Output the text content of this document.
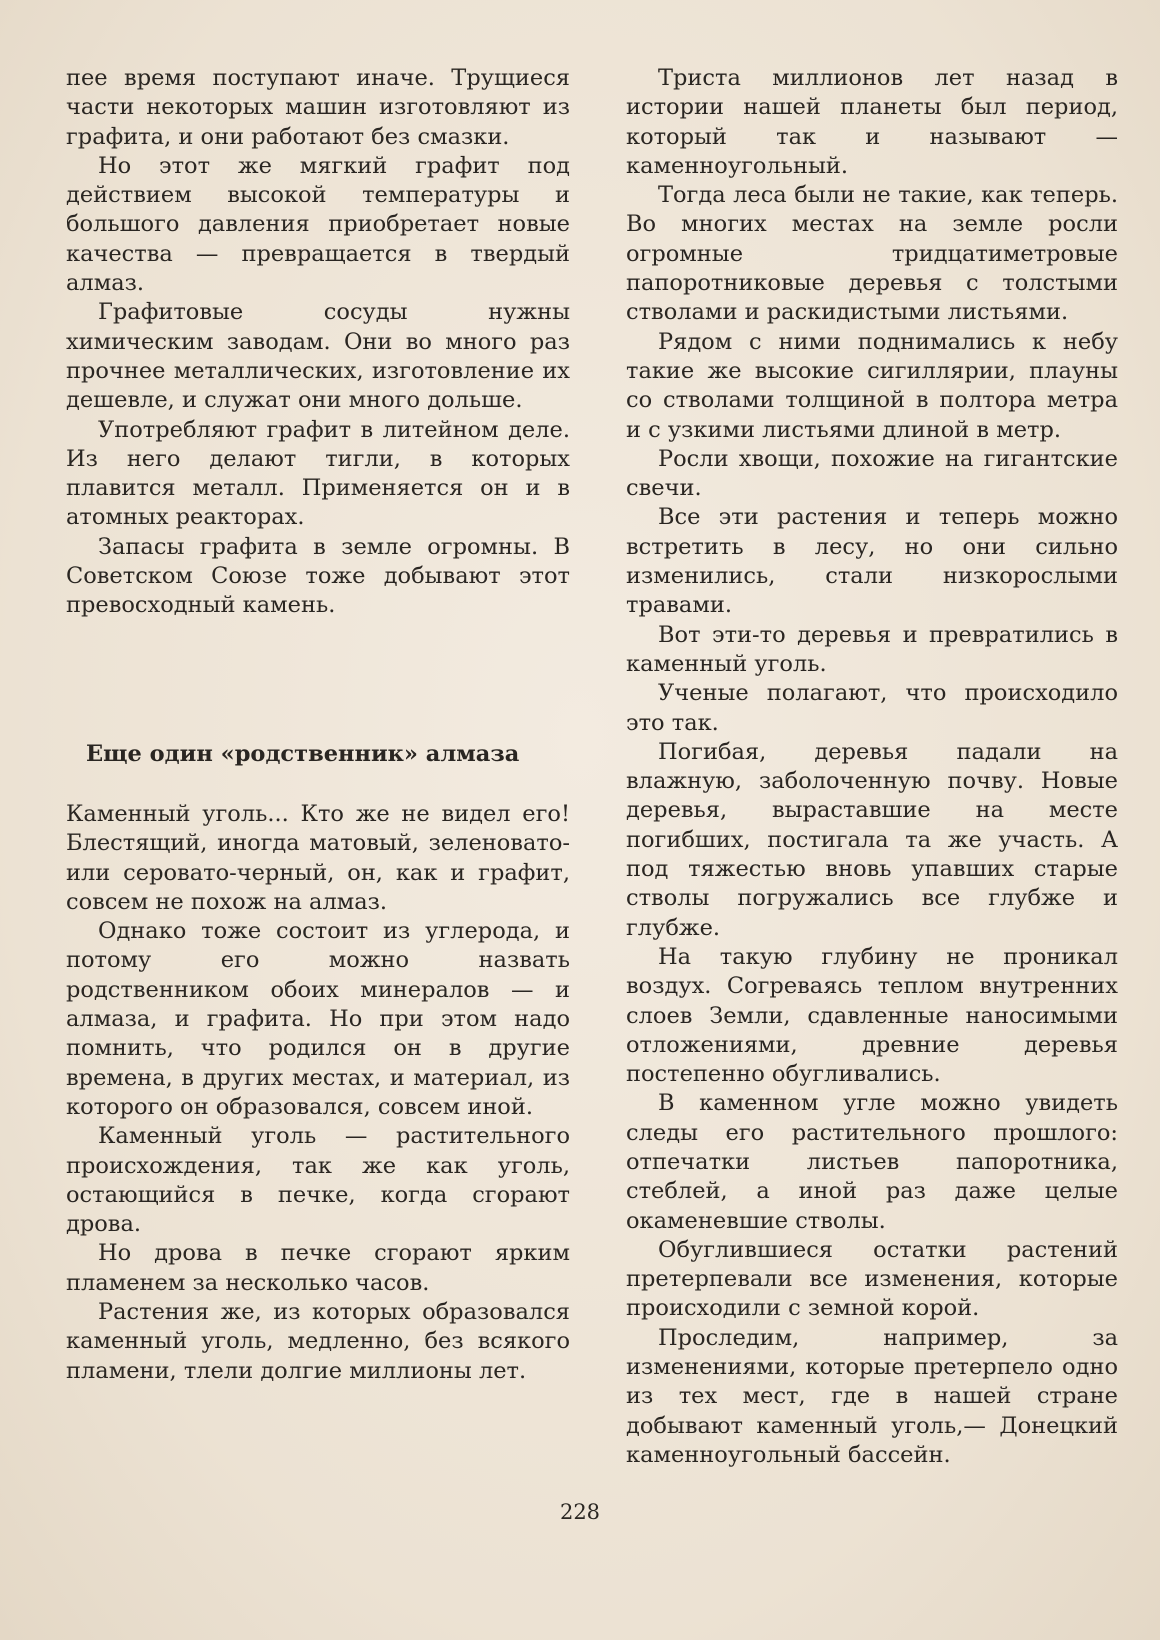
пее время поступают иначе. Трущиеся части некоторых машин изготовляют из графита, и они работают без смазки.

Но этот же мягкий графит под действием высокой температуры и большого давления приобретает новые качества — превращается в твердый алмаз.

Графитовые сосуды нужны химическим заводам. Они во много раз прочнее металлических, изготовление их дешевле, и служат они много дольше.

Употребляют графит в литейном деле. Из него делают тигли, в которых плавится металл. Применяется он и в атомных реакторах.

Запасы графита в земле огромны. В Советском Союзе тоже добывают этот превосходный камень.

Еще один «родственник» алмаза

Каменный уголь... Кто же не видел его! Блестящий, иногда матовый, зеленовато- или серовато-черный, он, как и графит, совсем не похож на алмаз.

Однако тоже состоит из углерода, и потому его можно назвать родственником обоих минералов — и алмаза, и графита. Но при этом надо помнить, что родился он в другие времена, в других местах, и материал, из которого он образовался, совсем иной.

Каменный уголь — растительного происхождения, так же как уголь, остающийся в печке, когда сгорают дрова.

Но дрова в печке сгорают ярким пламенем за несколько часов.

Растения же, из которых образовался каменный уголь, медленно, без всякого пламени, тлели долгие миллионы лет.

Триста миллионов лет назад в истории нашей планеты был период, который так и называют — каменноугольный.

Тогда леса были не такие, как теперь. Во многих местах на земле росли огромные тридцатиметровые папоротниковые деревья с толстыми стволами и раскидистыми листьями.

Рядом с ними поднимались к небу такие же высокие сигиллярии, плауны со стволами толщиной в полтора метра и с узкими листьями длиной в метр.

Росли хвощи, похожие на гигантские свечи.

Все эти растения и теперь можно встретить в лесу, но они сильно изменились, стали низкорослыми травами.

Вот эти-то деревья и превратились в каменный уголь.

Ученые полагают, что происходило это так.

Погибая, деревья падали на влажную, заболоченную почву. Новые деревья, выраставшие на месте погибших, постигала та же участь. А под тяжестью вновь упавших старые стволы погружались все глубже и глубже.

На такую глубину не проникал воздух. Согреваясь теплом внутренних слоев Земли, сдавленные наносимыми отложениями, древние деревья постепенно обугливались.

В каменном угле можно увидеть следы его растительного прошлого: отпечатки листьев папоротника, стеблей, а иной раз даже целые окаменевшие стволы.

Обуглившиеся остатки растений претерпевали все изменения, которые происходили с земной корой.

Проследим, например, за изменениями, которые претерпело одно из тех мест, где в нашей стране добывают каменный уголь,— Донецкий каменноугольный бассейн.

228
